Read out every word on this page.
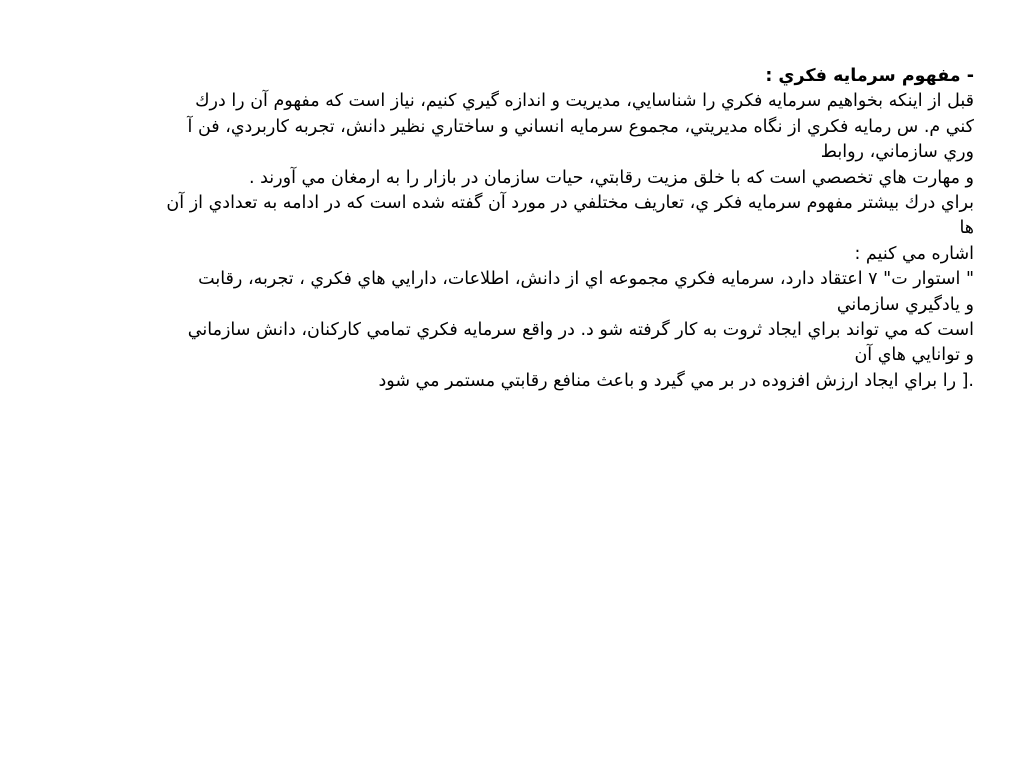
- مفهوم سرمايه فكري :
قبل از اينكه بخواهيم سرمايه فكري را شناسايي، مديريت و اندازه گيري كنيم، نياز است كه مفهوم آن را درك
كني م. س رمايه فكري از نگاه مديريتي، مجموع سرمايه انساني و ساختاري نظير دانش، تجربه كاربردي، فن آ
وري سازماني، روابط
و مهارت هاي تخصصي است كه با خلق مزيت رقابتي، حيات سازمان در بازار را به ارمغان مي آورند .
براي درك بيشتر مفهوم سرمايه فكر ي، تعاريف مختلفي در مورد آن گفته شده است كه در ادامه به تعدادي از آن
ها
اشاره مي كنيم :
" استوار ت" ٧ اعتقاد دارد، سرمايه فكري مجموعه اي از دانش، اطلاعات، دارايي هاي فكري ، تجربه، رقابت
و يادگيري سازماني
است كه مي تواند براي ايجاد ثروت به كار گرفته شو د. در واقع سرمايه فكري تمامي كاركنان، دانش سازماني
و توانايي هاي آن
.[ را براي ايجاد ارزش افزوده در بر مي گيرد و باعث منافع رقابتي مستمر مي شود
